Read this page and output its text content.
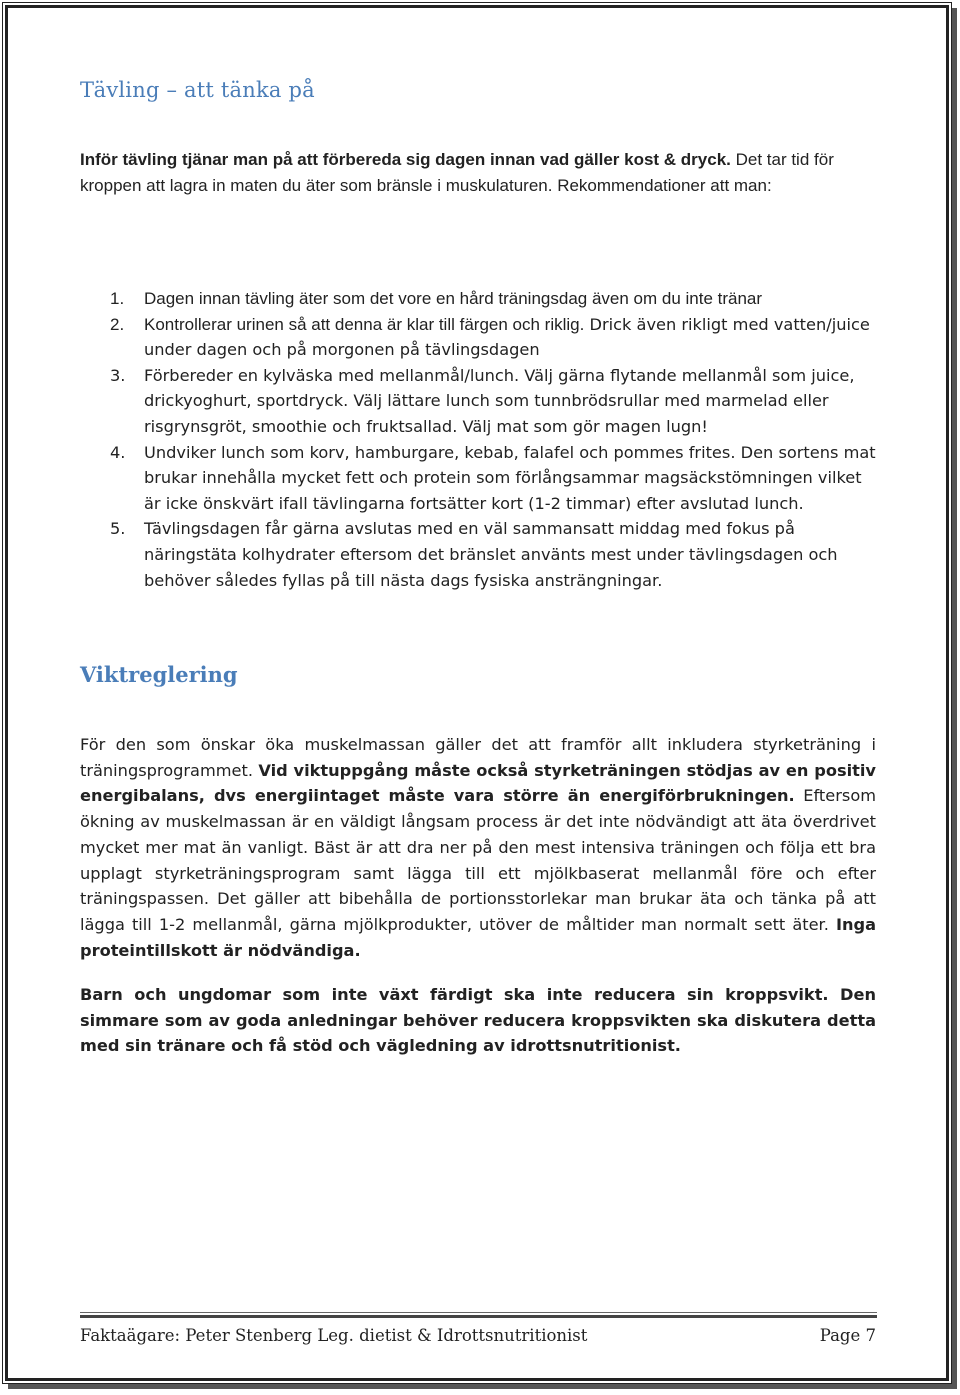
Tävling – att tänka på
Inför tävling tjänar man på att förbereda sig dagen innan vad gäller kost & dryck. Det tar tid för kroppen att lagra in maten du äter som bränsle i muskulaturen. Rekommendationer att man:
1. Dagen innan tävling äter som det vore en hård träningsdag även om du inte tränar
2. Kontrollerar urinen så att denna är klar till färgen och riklig. Drick även rikligt med vatten/juice under dagen och på morgonen på tävlingsdagen
3. Förbereder en kylväska med mellanmål/lunch. Välj gärna flytande mellanmål som juice, drickyoghurt, sportdryck. Välj lättare lunch som tunnbrödsrullar med marmelad eller risgrynsgröt, smoothie och fruktsallad. Välj mat som gör magen lugn!
4. Undviker lunch som korv, hamburgare, kebab, falafel och pommes frites. Den sortens mat brukar innehålla mycket fett och protein som förlångsammar magsäckstömningen vilket är icke önskvärt ifall tävlingarna fortsätter kort (1-2 timmar) efter avslutad lunch.
5. Tävlingsdagen får gärna avslutas med en väl sammansatt middag med fokus på näringstäta kolhydrater eftersom det bränslet använts mest under tävlingsdagen och behöver således fyllas på till nästa dags fysiska ansträngningar.
Viktreglering

För den som önskar öka muskelmassan gäller det att framför allt inkludera styrketräning i träningsprogrammet. Vid viktuppgång måste också styrketräningen stödjas av en positiv energibalans, dvs energiintaget måste vara större än energiförbrukningen. Eftersom ökning av muskelmassan är en väldigt långsam process är det inte nödvändigt att äta överdrivet mycket mer mat än vanligt. Bäst är att dra ner på den mest intensiva träningen och följa ett bra upplagt styrketräningsprogram samt lägga till ett mjölkbaserat mellanmål före och efter träningspassen. Det gäller att bibehålla de portionsstorlekar man brukar äta och tänka på att lägga till 1-2 mellanmål, gärna mjölkprodukter, utöver de måltider man normalt sett äter. Inga proteintillskott är nödvändiga.

Barn och ungdomar som inte växt färdigt ska inte reducera sin kroppsvikt. Den simmare som av goda anledningar behöver reducera kroppsvikten ska diskutera detta med sin tränare och få stöd och vägledning av idrottsnutritionist.

Faktaägare: Peter Stenberg Leg. dietist & Idrottsnutritionist	Page 7
